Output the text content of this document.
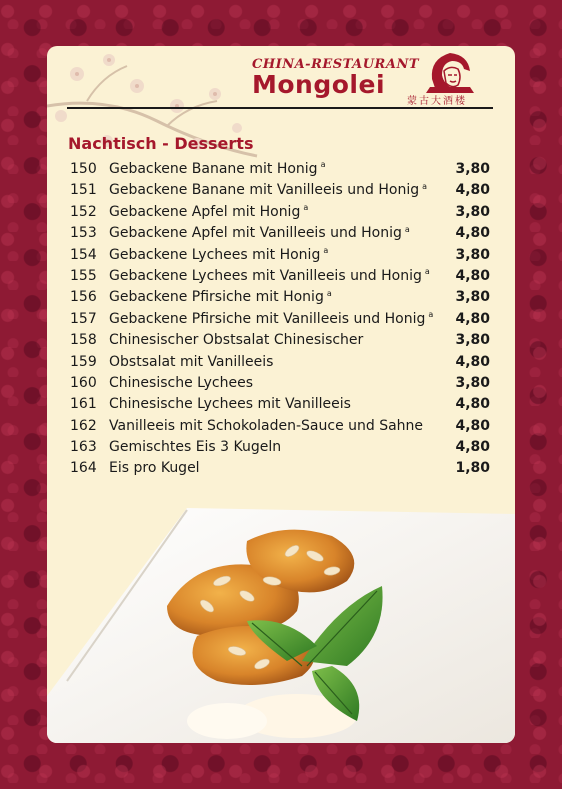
CHINA-RESTAURANT
Mongolei
蒙古大酒楼
Nachtisch - Desserts
150 Gebackene Banane mit Honig $^a$	3,80
151 Gebackene Banane mit Vanilleeis und Honig $^a$ 4,80
152 Gebackene Apfel mit Honig $^a$	3,80
153 Gebackene Apfel mit Vanilleeis und Honig $^a$	4,80
154 Gebackene Lychees mit Honig $^a$	3,80
155 Gebackene Lychees mit Vanilleeis und Honig $^a$ 4,80
156 Gebackene Pfirsiche mit Honig $^a$	3,80
157 Gebackene Pfirsiche mit Vanilleeis und Honig $^a$ 4,80
158 Chinesischer Obstsalat Chinesischer	3,80
159 Obstsalat mit Vanilleeis	4,80
160 Chinesische Lychees	3,80
161 Chinesische Lychees mit Vanilleeis	4,80
162 Vanilleeis mit Schokoladen-Sauce und Sahne 4,80
163 Gemischtes Eis 3 Kugeln	4,80
164 Eis pro Kugel	1,80
